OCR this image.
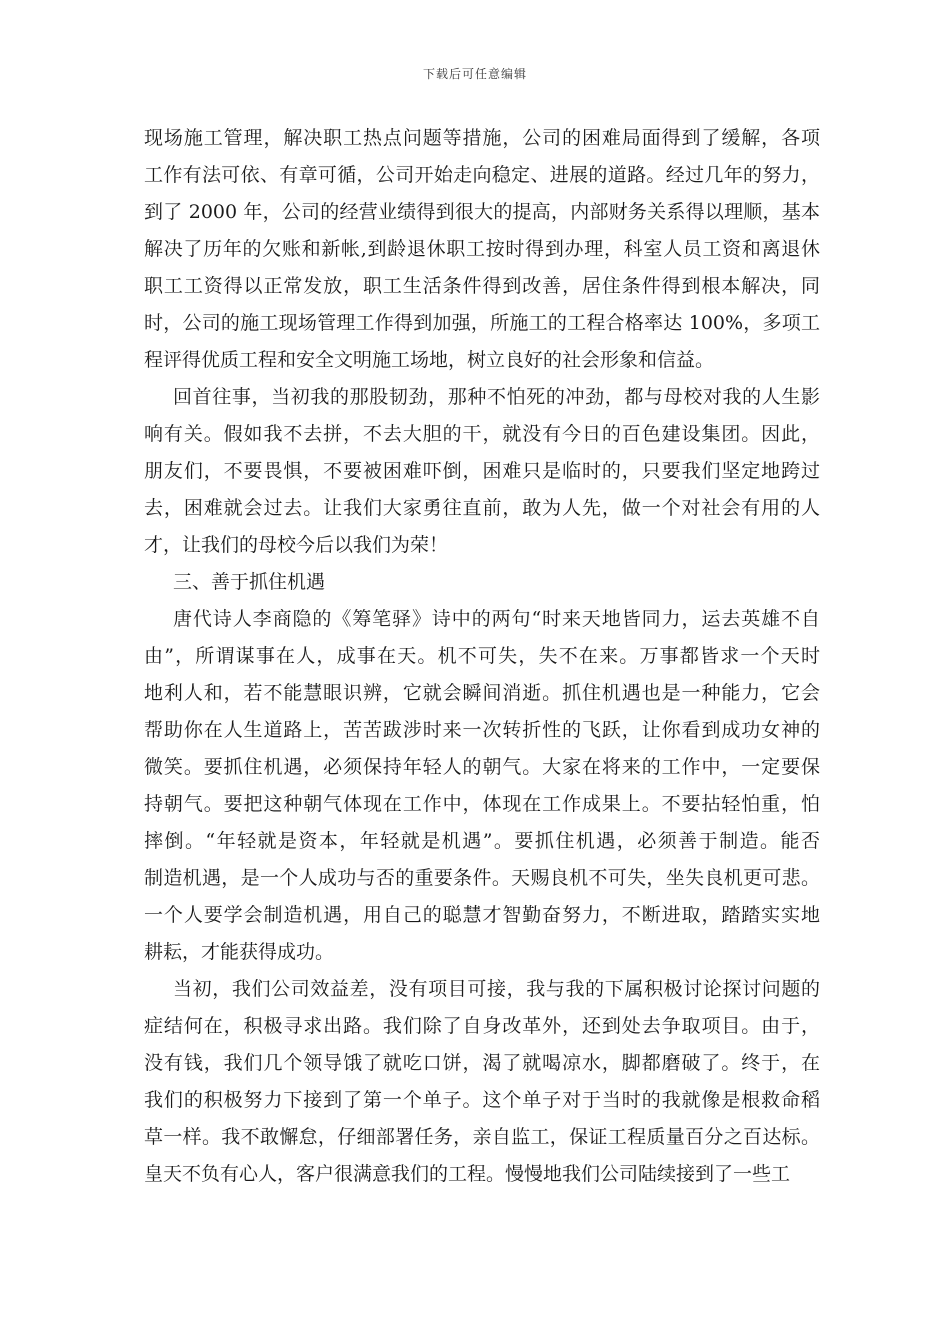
下载后可任意编辑
现场施工管理，解决职工热点问题等措施，公司的困难局面得到了缓解，各项
工作有法可依、有章可循，公司开始走向稳定、进展的道路。经过几年的努力，
到了 2000 年，公司的经营业绩得到很大的提高，内部财务关系得以理顺，基本
解决了历年的欠账和新帐,到龄退休职工按时得到办理，科室人员工资和离退休
职工工资得以正常发放，职工生活条件得到改善，居住条件得到根本解决，同
时，公司的施工现场管理工作得到加强，所施工的工程合格率达 100%，多项工
程评得优质工程和安全文明施工场地，树立良好的社会形象和信益。
回首往事，当初我的那股韧劲，那种不怕死的冲劲，都与母校对我的人生影
响有关。假如我不去拼，不去大胆的干，就没有今日的百色建设集团。因此，
朋友们，不要畏惧，不要被困难吓倒，困难只是临时的，只要我们坚定地跨过
去，困难就会过去。让我们大家勇往直前，敢为人先，做一个对社会有用的人
才，让我们的母校今后以我们为荣！
三、善于抓住机遇
唐代诗人李商隐的《筹笔驿》诗中的两句“时来天地皆同力，运去英雄不自
由”，所谓谋事在人，成事在天。机不可失，失不在来。万事都皆求一个天时
地利人和，若不能慧眼识辨，它就会瞬间消逝。抓住机遇也是一种能力，它会
帮助你在人生道路上，苦苦跋涉时来一次转折性的飞跃，让你看到成功女神的
微笑。要抓住机遇，必须保持年轻人的朝气。大家在将来的工作中，一定要保
持朝气。要把这种朝气体现在工作中，体现在工作成果上。不要拈轻怕重，怕
摔倒。“年轻就是资本，年轻就是机遇”。要抓住机遇，必须善于制造。能否
制造机遇，是一个人成功与否的重要条件。天赐良机不可失，坐失良机更可悲。
一个人要学会制造机遇，用自己的聪慧才智勤奋努力，不断进取，踏踏实实地
耕耘，才能获得成功。
当初，我们公司效益差，没有项目可接，我与我的下属积极讨论探讨问题的
症结何在，积极寻求出路。我们除了自身改革外，还到处去争取项目。由于，
没有钱，我们几个领导饿了就吃口饼，渴了就喝凉水，脚都磨破了。终于，在
我们的积极努力下接到了第一个单子。这个单子对于当时的我就像是根救命稻
草一样。我不敢懈怠，仔细部署任务，亲自监工，保证工程质量百分之百达标。
皇天不负有心人，客户很满意我们的工程。慢慢地我们公司陆续接到了一些工
